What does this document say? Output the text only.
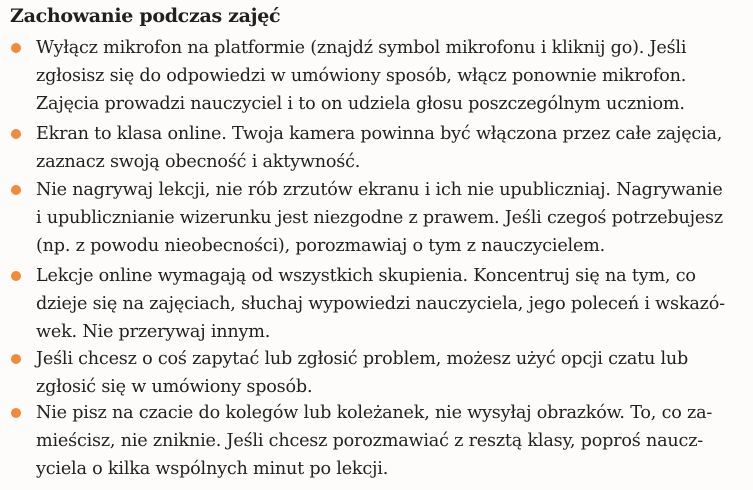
Zachowanie podczas zajęć
Wyłącz mikrofon na platformie (znajdź symbol mikrofonu i kliknij go). Jeśli
zgłosisz się do odpowiedzi w umówiony sposób, włącz ponownie mikrofon.
Zajęcia prowadzi nauczyciel i to on udziela głosu poszczególnym uczniom.
Ekran to klasa online. Twoja kamera powinna być włączona przez całe zajęcia,
zaznacz swoją obecność i aktywność.
Nie nagrywaj lekcji, nie rób zrzutów ekranu i ich nie upubliczniaj. Nagrywanie
i upublicznianie wizerunku jest niezgodne z prawem. Jeśli czegoś potrzebujesz
(np. z powodu nieobecności), porozmawiaj o tym z nauczycielem.
Lekcje online wymagają od wszystkich skupienia. Koncentruj się na tym, co
dzieje się na zajęciach, słuchaj wypowiedzi nauczyciela, jego poleceń i wskazó-
wek. Nie przerywaj innym.
Jeśli chcesz o coś zapytać lub zgłosić problem, możesz użyć opcji czatu lub
zgłosić się w umówiony sposób.
Nie pisz na czacie do kolegów lub koleżanek, nie wysyłaj obrazków. To, co za-
mieścisz, nie zniknie. Jeśli chcesz porozmawiać z resztą klasy, poproś naucz-
yciela o kilka wspólnych minut po lekcji.
